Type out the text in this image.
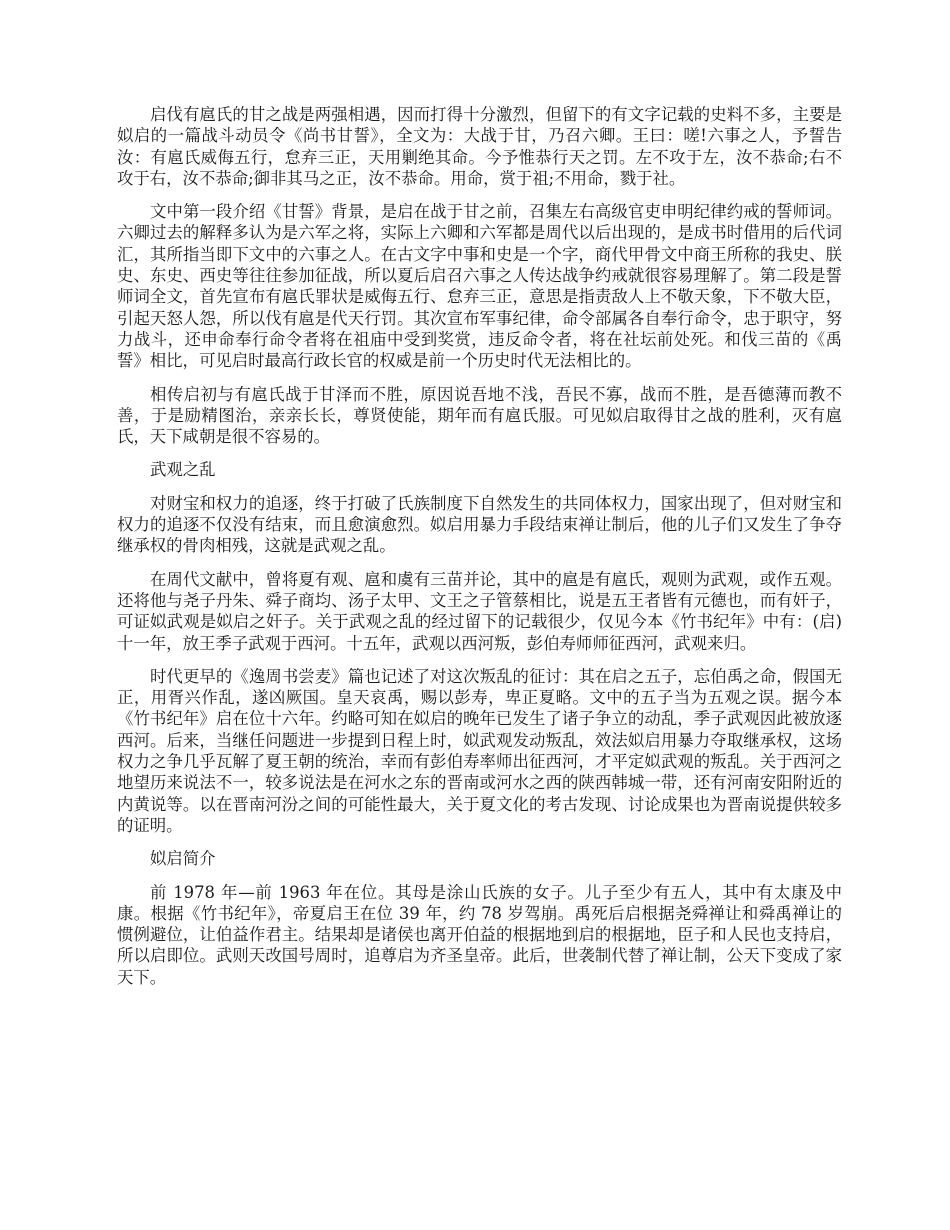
启伐有扈氏的甘之战是两强相遇，因而打得十分激烈，但留下的有文字记载的史料不多，主要是姒启的一篇战斗动员令《尚书甘誓》，全文为：大战于甘，乃召六卿。王曰：嗟!六事之人，予誓告汝：有扈氏威侮五行，怠弃三正，天用剿绝其命。今予惟恭行天之罚。左不攻于左，汝不恭命;右不攻于右，汝不恭命;御非其马之正，汝不恭命。用命，赏于祖;不用命，戮于社。

文中第一段介绍《甘誓》背景，是启在战于甘之前，召集左右高级官吏申明纪律约戒的誓师词。六卿过去的解释多认为是六军之将，实际上六卿和六军都是周代以后出现的，是成书时借用的后代词汇，其所指当即下文中的六事之人。在古文字中事和史是一个字，商代甲骨文中商王所称的我史、朕史、东史、西史等往往参加征战，所以夏后启召六事之人传达战争约戒就很容易理解了。第二段是誓师词全文，首先宣布有扈氏罪状是威侮五行、怠弃三正，意思是指责敌人上不敬天象，下不敬大臣，引起天怒人怨，所以伐有扈是代天行罚。其次宣布军事纪律，命令部属各自奉行命令，忠于职守，努力战斗，还申命奉行命令者将在祖庙中受到奖赏，违反命令者，将在社坛前处死。和伐三苗的《禹誓》相比，可见启时最高行政长官的权威是前一个历史时代无法相比的。

相传启初与有扈氏战于甘泽而不胜，原因说吾地不浅，吾民不寡，战而不胜，是吾德薄而教不善，于是励精图治，亲亲长长，尊贤使能，期年而有扈氏服。可见姒启取得甘之战的胜利，灭有扈氏，天下咸朝是很不容易的。

武观之乱

对财宝和权力的追逐，终于打破了氏族制度下自然发生的共同体权力，国家出现了，但对财宝和权力的追逐不仅没有结束，而且愈演愈烈。姒启用暴力手段结束禅让制后，他的儿子们又发生了争夺继承权的骨肉相残，这就是武观之乱。

在周代文献中，曾将夏有观、扈和虞有三苗并论，其中的扈是有扈氏，观则为武观，或作五观。还将他与尧子丹朱、舜子商均、汤子太甲、文王之子管蔡相比，说是五王者皆有元德也，而有奸子，可证姒武观是姒启之奸子。关于武观之乱的经过留下的记载很少，仅见今本《竹书纪年》中有：(启)十一年，放王季子武观于西河。十五年，武观以西河叛，彭伯寿师师征西河，武观来归。

时代更早的《逸周书尝麦》篇也记述了对这次叛乱的征讨：其在启之五子，忘伯禹之命，假国无正，用胥兴作乱，遂凶厥国。皇天哀禹，赐以彭寿，卑正夏略。文中的五子当为五观之误。据今本《竹书纪年》启在位十六年。约略可知在姒启的晚年已发生了诸子争立的动乱，季子武观因此被放逐西河。后来，当继任问题进一步提到日程上时，姒武观发动叛乱，效法姒启用暴力夺取继承权，这场权力之争几乎瓦解了夏王朝的统治，幸而有彭伯寿率师出征西河，才平定姒武观的叛乱。关于西河之地望历来说法不一，较多说法是在河水之东的晋南或河水之西的陕西韩城一带，还有河南安阳附近的内黄说等。以在晋南河汾之间的可能性最大，关于夏文化的考古发现、讨论成果也为晋南说提供较多的证明。

姒启简介

前 1978 年—前 1963 年在位。其母是涂山氏族的女子。儿子至少有五人，其中有太康及中康。根据《竹书纪年》，帝夏启王在位 39 年，约 78 岁驾崩。禹死后启根据尧舜禅让和舜禹禅让的惯例避位，让伯益作君主。结果却是诸侯也离开伯益的根据地到启的根据地，臣子和人民也支持启，所以启即位。武则天改国号周时，追尊启为齐圣皇帝。此后，世袭制代替了禅让制，公天下变成了家天下。
